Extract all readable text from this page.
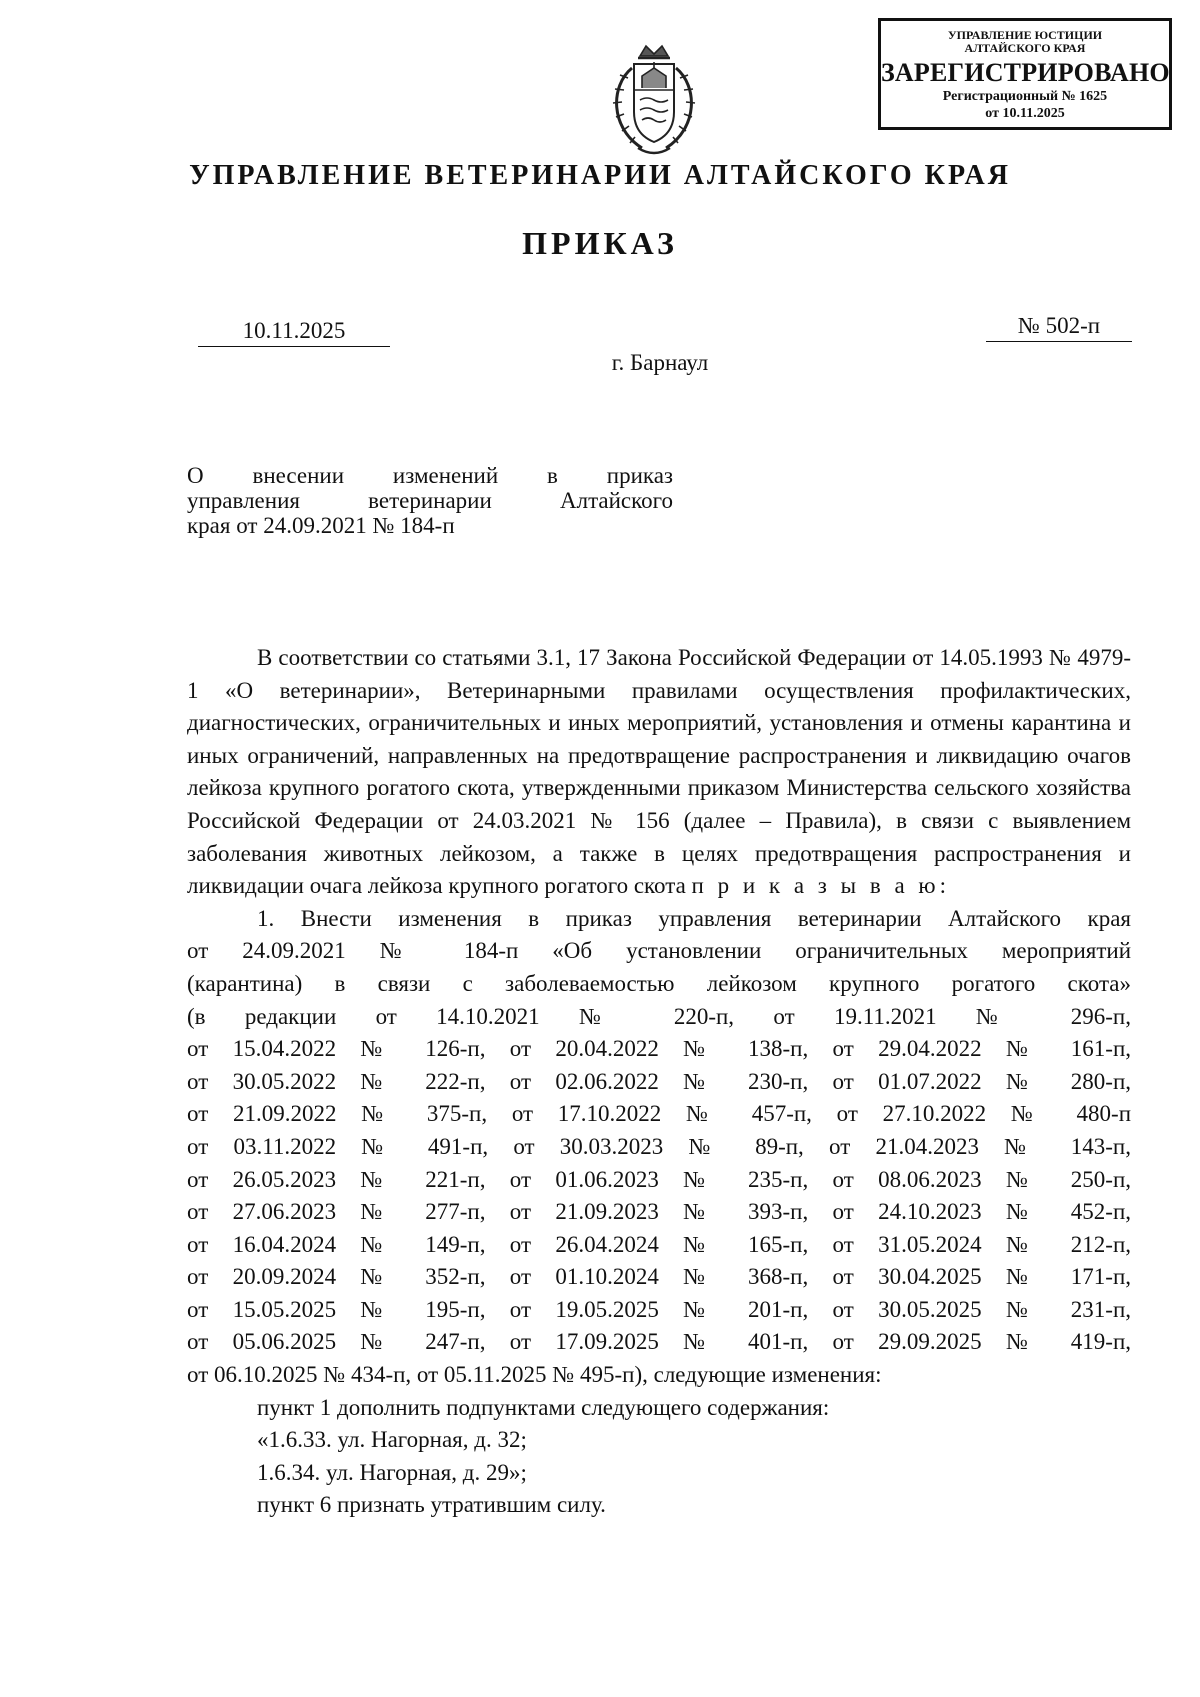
УПРАВЛЕНИЕ ЮСТИЦИИ
АЛТАЙСКОГО КРАЯ
ЗАРЕГИСТРИРОВАНО
Регистрационный № 1625
от 10.11.2025
УПРАВЛЕНИЕ ВЕТЕРИНАРИИ АЛТАЙСКОГО КРАЯ
ПРИКАЗ
10.11.2025	№ 502-п
г. Барнаул
О внесении изменений в приказ
управления ветеринарии Алтайского
края от 24.09.2021 № 184-п

В соответствии со статьями 3.1, 17 Закона Российской Федерации от 14.05.1993 № 4979-1 «О ветеринарии», Ветеринарными правилами осуществления профилактических, диагностических, ограничительных и иных мероприятий, установления и отмены карантина и иных ограничений, направленных на предотвращение распространения и ликвидацию очагов лейкоза крупного рогатого скота, утвержденными приказом Министерства сельского хозяйства Российской Федерации от 24.03.2021 № 156 (далее – Правила), в связи с выявлением заболевания животных лейкозом, а также в целях предотвращения распространения и ликвидации очага лейкоза крупного рогатого скота п р и к а з ы в а ю:

1. Внести изменения в приказ управления ветеринарии Алтайского края
от 24.09.2021 № 184-п «Об установлении ограничительных мероприятий
(карантина) в связи с заболеваемостью лейкозом крупного рогатого скота»
(в редакции от 14.10.2021 № 220-п, от 19.11.2021 № 296-п,
от 15.04.2022 № 126-п, от 20.04.2022 № 138-п, от 29.04.2022 № 161-п,
от 30.05.2022 № 222-п, от 02.06.2022 № 230-п, от 01.07.2022 № 280-п,
от 21.09.2022 № 375-п, от 17.10.2022 № 457-п, от 27.10.2022 № 480-п
от 03.11.2022 № 491-п, от 30.03.2023 № 89-п, от 21.04.2023 № 143-п,
от 26.05.2023 № 221-п, от 01.06.2023 № 235-п, от 08.06.2023 № 250-п,
от 27.06.2023 № 277-п, от 21.09.2023 № 393-п, от 24.10.2023 № 452-п,
от 16.04.2024 № 149-п, от 26.04.2024 № 165-п, от 31.05.2024 № 212-п,
от 20.09.2024 № 352-п, от 01.10.2024 № 368-п, от 30.04.2025 № 171-п,
от 15.05.2025 № 195-п, от 19.05.2025 № 201-п, от 30.05.2025 № 231-п,
от 05.06.2025 № 247-п, от 17.09.2025 № 401-п, от 29.09.2025 № 419-п,
от 06.10.2025 № 434-п, от 05.11.2025 № 495-п), следующие изменения:
пункт 1 дополнить подпунктами следующего содержания:
«1.6.33. ул. Нагорная, д. 32;
1.6.34. ул. Нагорная, д. 29»;
пункт 6 признать утратившим силу.
